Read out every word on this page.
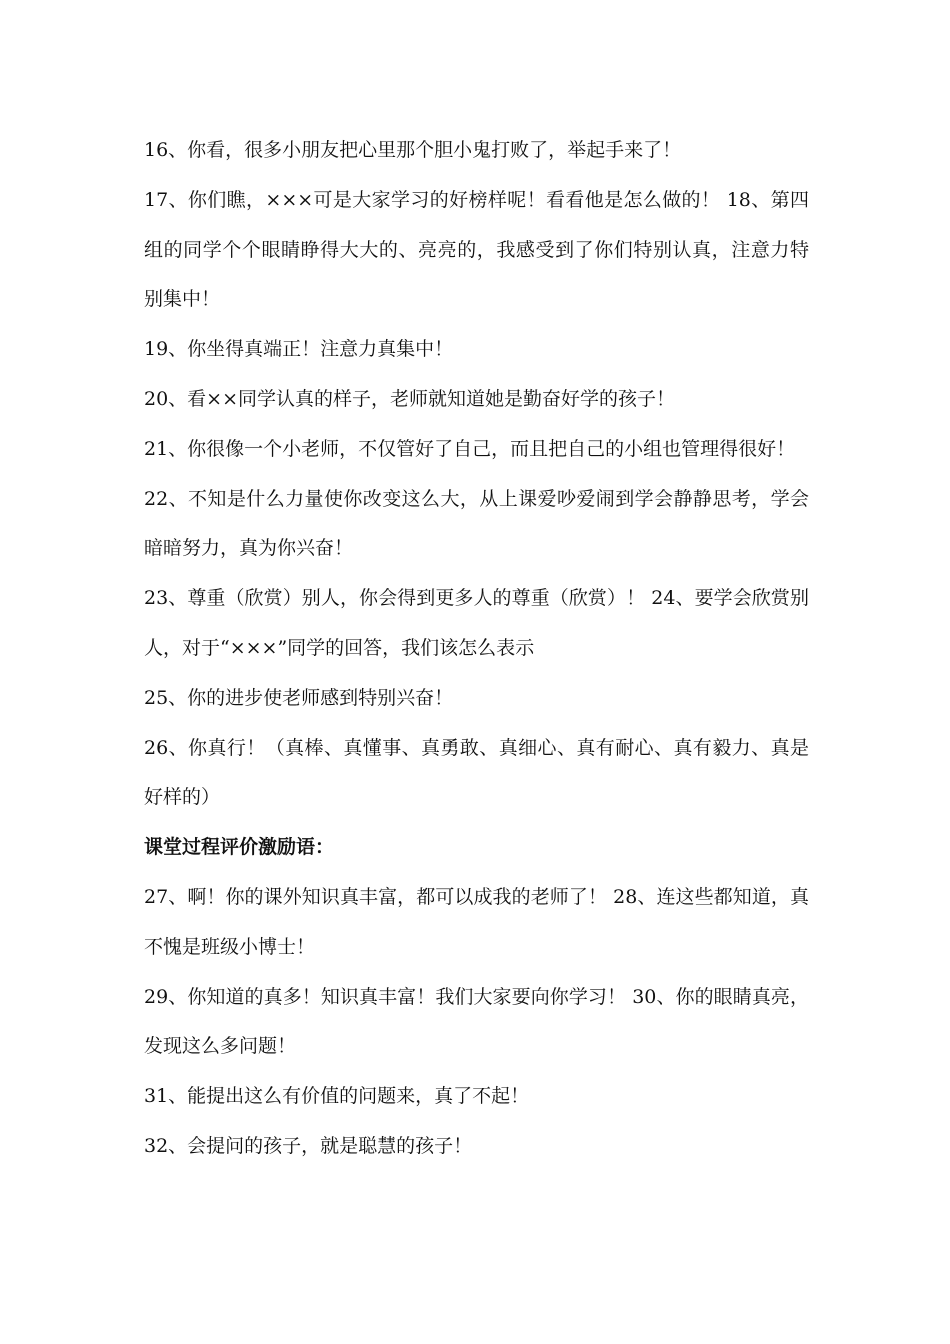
16、你看，很多小朋友把心里那个胆小鬼打败了，举起手来了！
17、你们瞧，×××可是大家学习的好榜样呢！看看他是怎么做的！ 18、第四
组的同学个个眼睛睁得大大的、亮亮的，我感受到了你们特别认真，注意力特
别集中！
19、你坐得真端正！注意力真集中！
20、看××同学认真的样子，老师就知道她是勤奋好学的孩子！
21、你很像一个小老师，不仅管好了自己，而且把自己的小组也管理得很好！
22、不知是什么力量使你改变这么大，从上课爱吵爱闹到学会静静思考，学会
暗暗努力，真为你兴奋！
23、尊重（欣赏）别人，你会得到更多人的尊重（欣赏）！ 24、要学会欣赏别
人，对于“×××”同学的回答，我们该怎么表示
25、你的进步使老师感到特别兴奋！
26、你真行！（真棒、真懂事、真勇敢、真细心、真有耐心、真有毅力、真是
好样的）
课堂过程评价激励语：
27、啊！你的课外知识真丰富，都可以成我的老师了！ 28、连这些都知道，真
不愧是班级小博士！
29、你知道的真多！知识真丰富！我们大家要向你学习！ 30、你的眼睛真亮，
发现这么多问题！
31、能提出这么有价值的问题来，真了不起！
32、会提问的孩子，就是聪慧的孩子！
